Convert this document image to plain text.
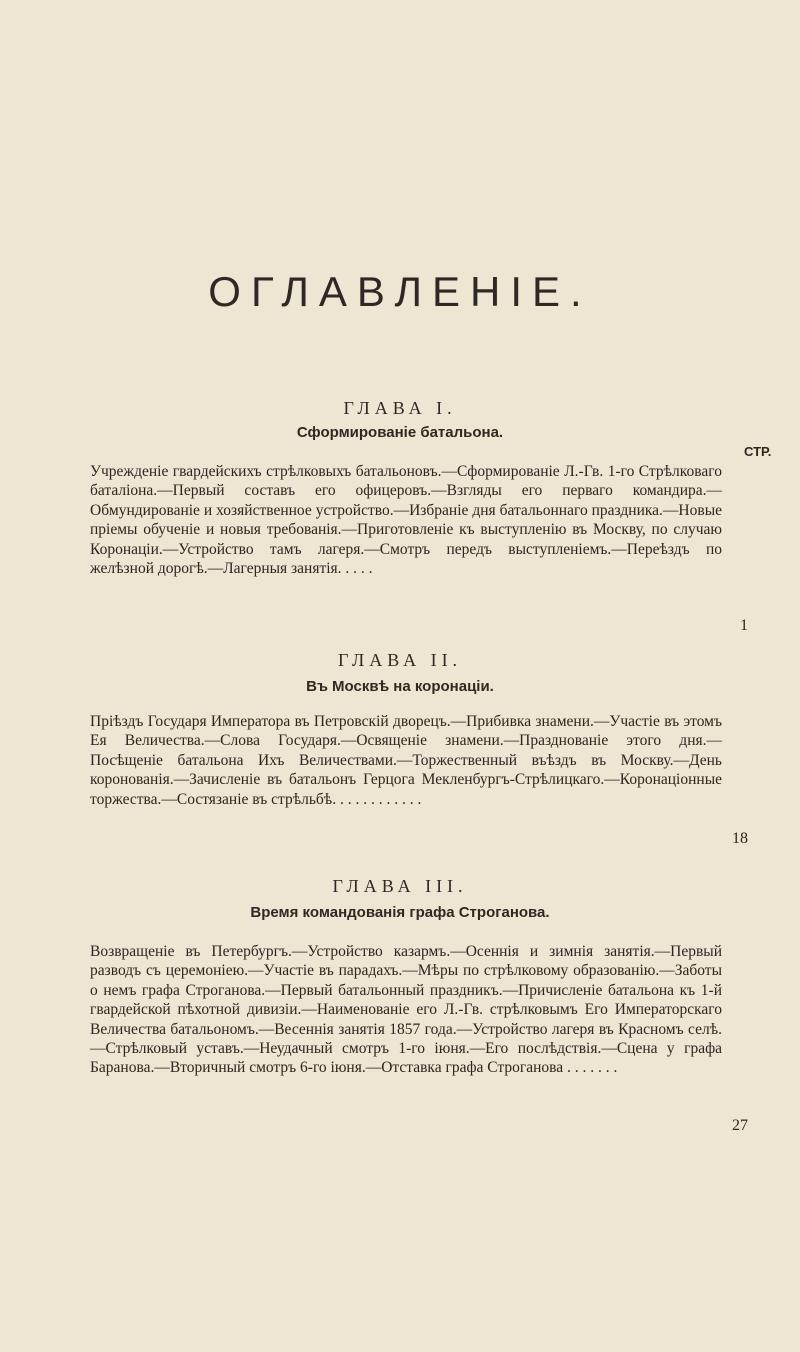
ОГЛАВЛЕНІЕ.
ГЛАВА I.
Сформированіе батальона.
СТР.
Учрежденіе гвардейскихъ стрѣлковыхъ батальоновъ.—Сформированіе Л.-Гв. 1-го Стрѣлковаго баталіона.—Первый составъ его офицеровъ.—Взгляды его перваго командира.—Обмундированіе и хозяйственное устройство.—Избраніе дня батальоннаго праздника.—Новые пріемы обученіе и новыя требованія.—Приготовленіе къ выступленію въ Москву, по случаю Коронаціи.—Устройство тамъ лагеря.—Смотръ передъ выступленіемъ.—Переѣздъ по желѣзной дорогѣ.—Лагерныя занятія. . . . .
1
ГЛАВА II.
Въ Москвѣ на коронаціи.
Пріѣздъ Государя Императора въ Петровскій дворецъ.—Прибивка знамени.—Участіе въ этомъ Ея Величества.—Слова Государя.—Освященіе знамени.—Празднованіе этого дня.—Посѣщеніе батальона Ихъ Величествами.—Торжественный въѣздъ въ Москву.—День коронованія.—Зачисленіе въ батальонъ Герцога Мекленбургъ-Стрѣлицкаго.—Коронаціонные торжества.—Состязаніе въ стрѣльбѣ. . . . . . . . . . . .
18
ГЛАВА III.
Время командованія графа Строганова.
Возвращеніе въ Петербургъ.—Устройство казармъ.—Осеннія и зимнія занятія.—Первый разводъ съ церемоніею.—Участіе въ парадахъ.—Мѣры по стрѣлковому образованію.—Заботы о немъ графа Строганова.—Первый батальонный праздникъ.—Причисленіе батальона къ 1-й гвардейской пѣхотной дивизіи.—Наименованіе его Л.-Гв. стрѣлковымъ Его Императорскаго Величества батальономъ.—Весеннія занятія 1857 года.—Устройство лагеря въ Красномъ селѣ.—Стрѣлковый уставъ.—Неудачный смотръ 1-го іюня.—Его послѣдствія.—Сцена у графа Баранова.—Вторичный смотръ 6-го іюня.—Отставка графа Строганова . . . . . . .
27
